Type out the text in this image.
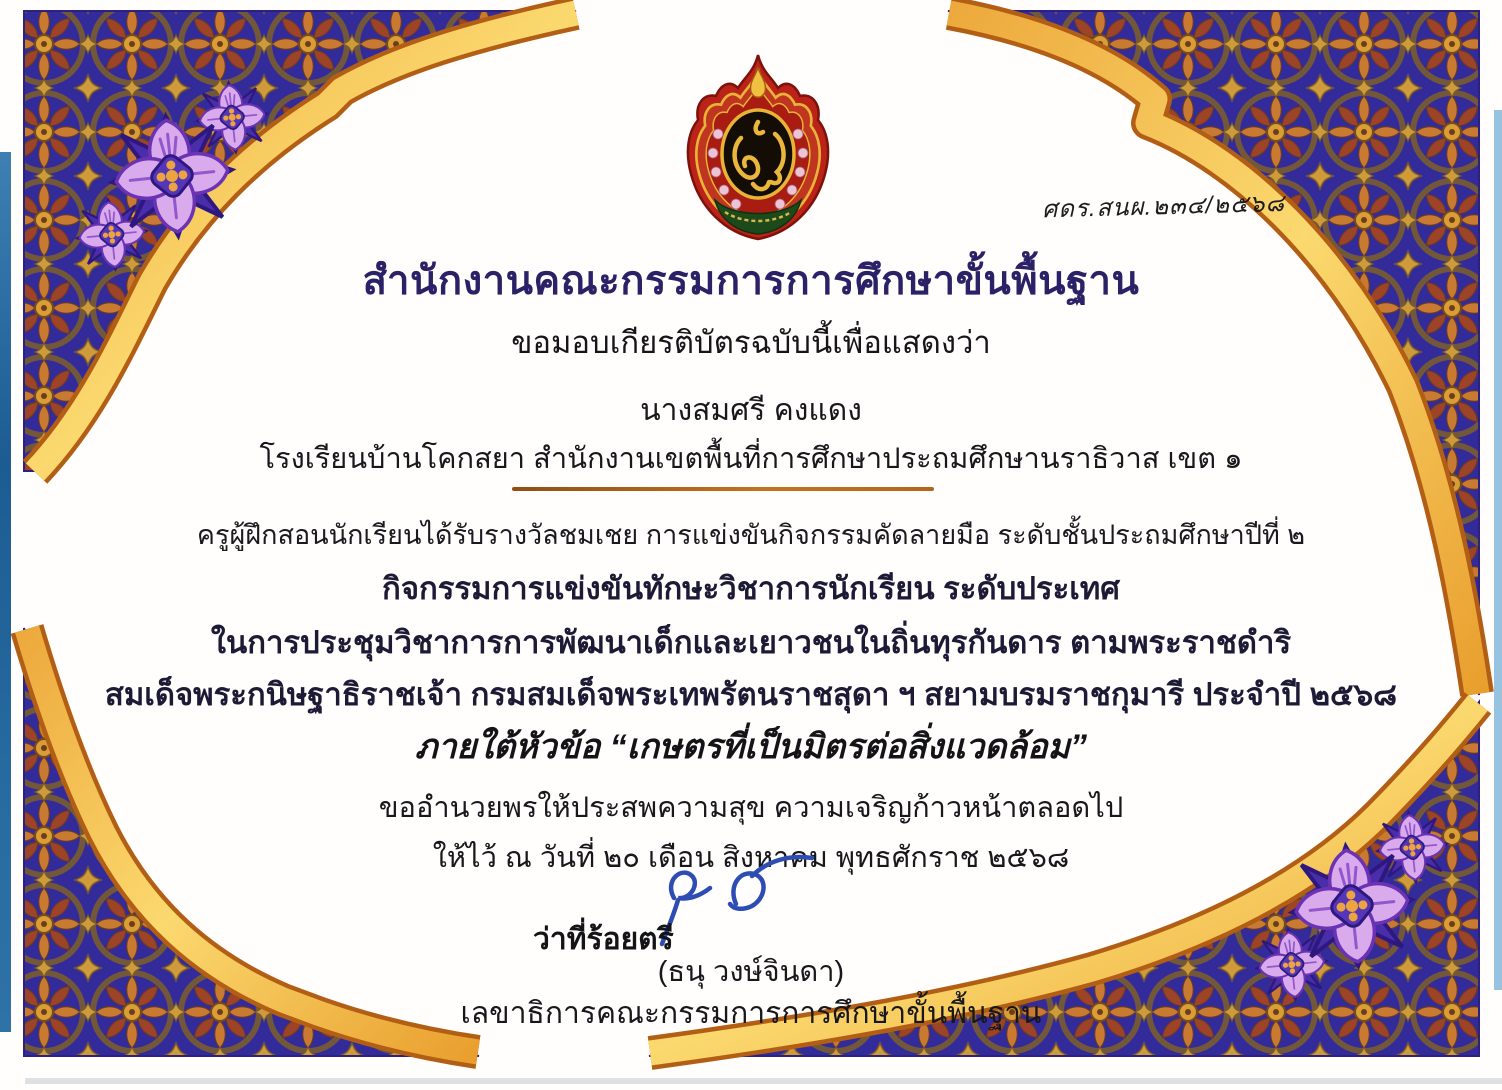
ศดร.สนผ.๒๓๔/๒๕๖๘
สำนักงานคณะกรรมการการศึกษาขั้นพื้นฐาน
ขอมอบเกียรติบัตรฉบับนี้เพื่อแสดงว่า
นางสมศรี คงแดง
โรงเรียนบ้านโคกสยา สำนักงานเขตพื้นที่การศึกษาประถมศึกษานราธิวาส เขต ๑
ครูผู้ฝึกสอนนักเรียนได้รับรางวัลชมเชย การแข่งขันกิจกรรมคัดลายมือ ระดับชั้นประถมศึกษาปีที่ ๒
กิจกรรมการแข่งขันทักษะวิชาการนักเรียน ระดับประเทศ
ในการประชุมวิชาการการพัฒนาเด็กและเยาวชนในถิ่นทุรกันดาร ตามพระราชดำริ
สมเด็จพระกนิษฐาธิราชเจ้า กรมสมเด็จพระเทพรัตนราชสุดา ฯ สยามบรมราชกุมารี ประจำปี ๒๕๖๘
ภายใต้หัวข้อ “เกษตรที่เป็นมิตรต่อสิ่งแวดล้อม”
ขออำนวยพรให้ประสพความสุข ความเจริญก้าวหน้าตลอดไป
ให้ไว้ ณ วันที่ ๒๐ เดือน สิงหาคม พุทธศักราช ๒๕๖๘
ว่าที่ร้อยตรี
(ธนุ วงษ์จินดา)
เลขาธิการคณะกรรมการการศึกษาขั้นพื้นฐาน
